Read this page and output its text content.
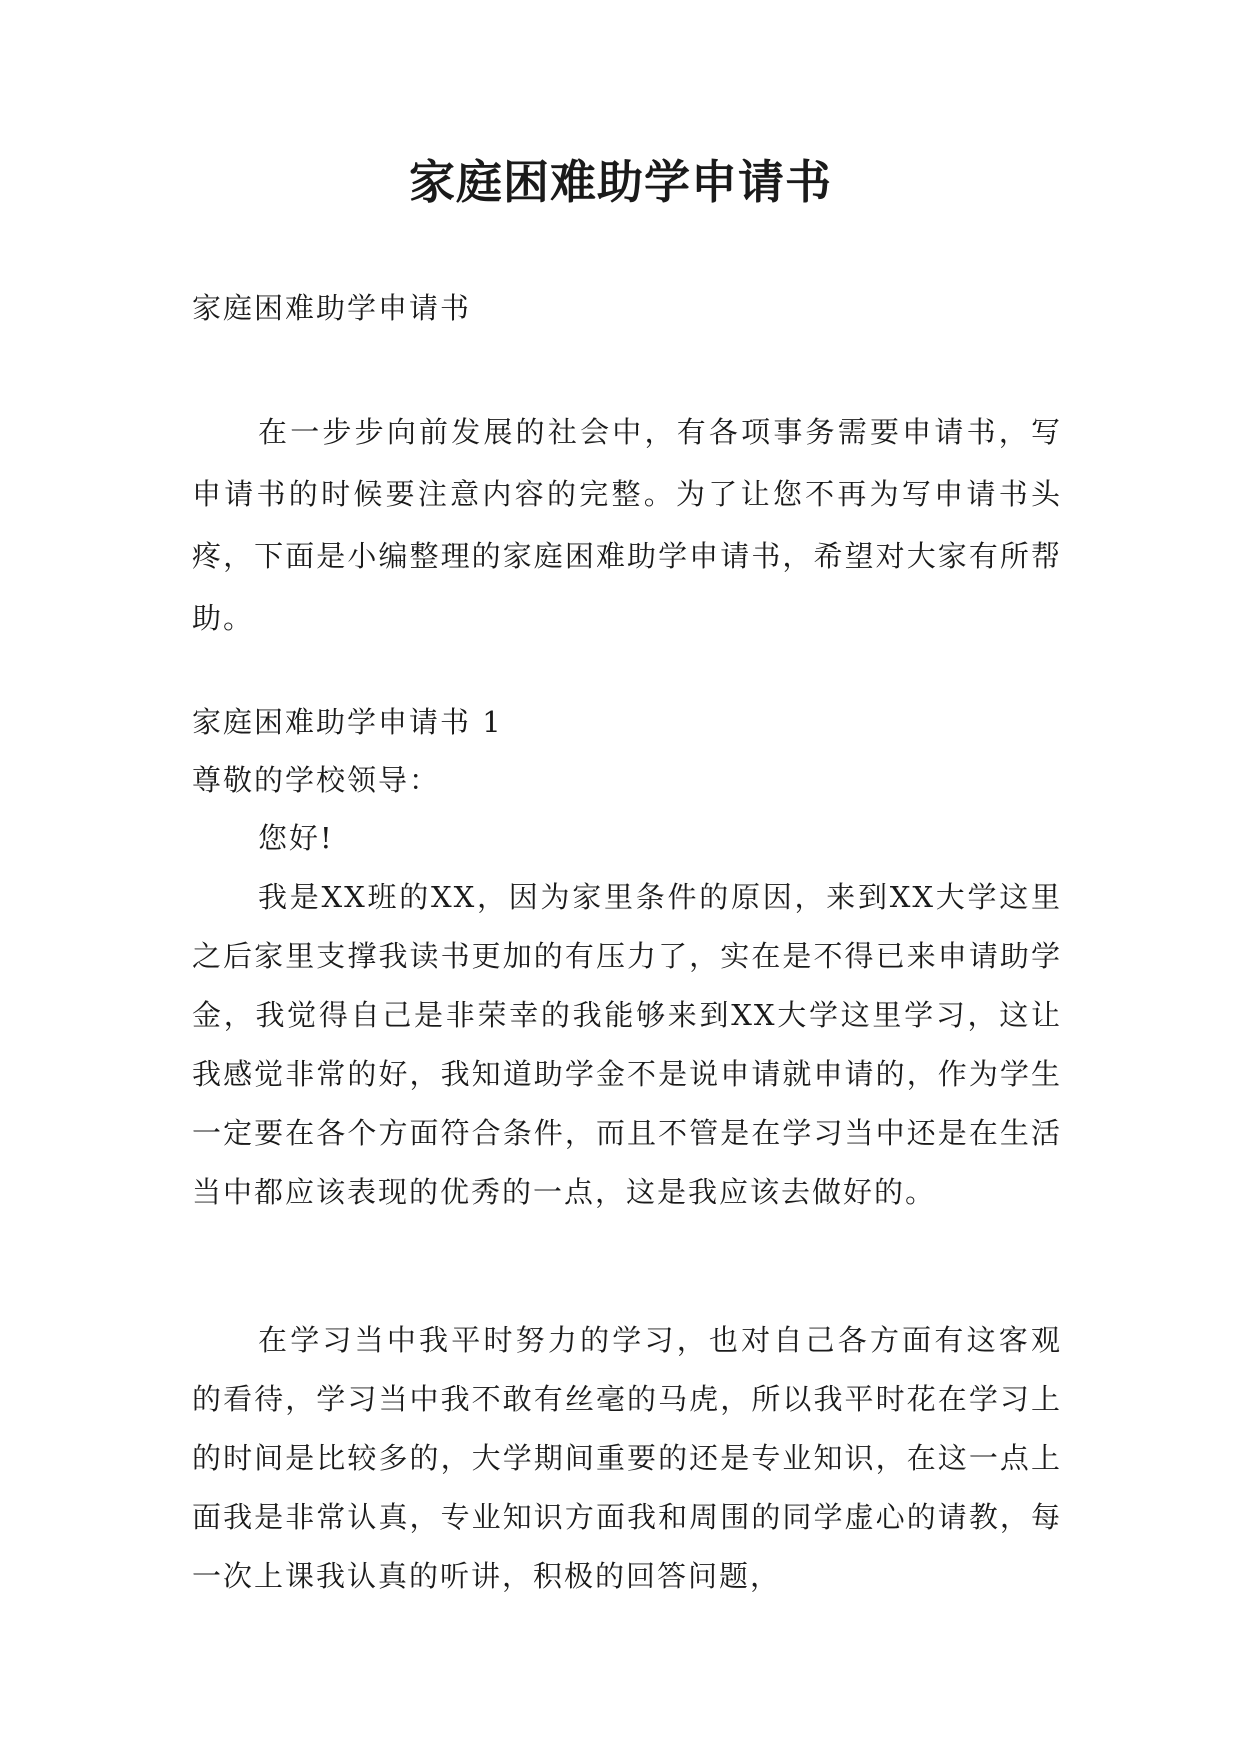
家庭困难助学申请书
家庭困难助学申请书

在一步步向前发展的社会中，有各项事务需要申请书，写申请书的时候要注意内容的完整。为了让您不再为写申请书头疼，下面是小编整理的家庭困难助学申请书，希望对大家有所帮助。

家庭困难助学申请书 1
尊敬的学校领导：
您好!

我是XX班的XX，因为家里条件的原因，来到XX大学这里之后家里支撑我读书更加的有压力了，实在是不得已来申请助学金，我觉得自己是非荣幸的我能够来到XX大学这里学习，这让我感觉非常的好，我知道助学金不是说申请就申请的，作为学生一定要在各个方面符合条件，而且不管是在学习当中还是在生活当中都应该表现的优秀的一点，这是我应该去做好的。

在学习当中我平时努力的学习，也对自己各方面有这客观的看待，学习当中我不敢有丝毫的马虎，所以我平时花在学习上的时间是比较多的，大学期间重要的还是专业知识，在这一点上面我是非常认真，专业知识方面我和周围的同学虚心的请教，每一次上课我认真的听讲，积极的回答问题，
